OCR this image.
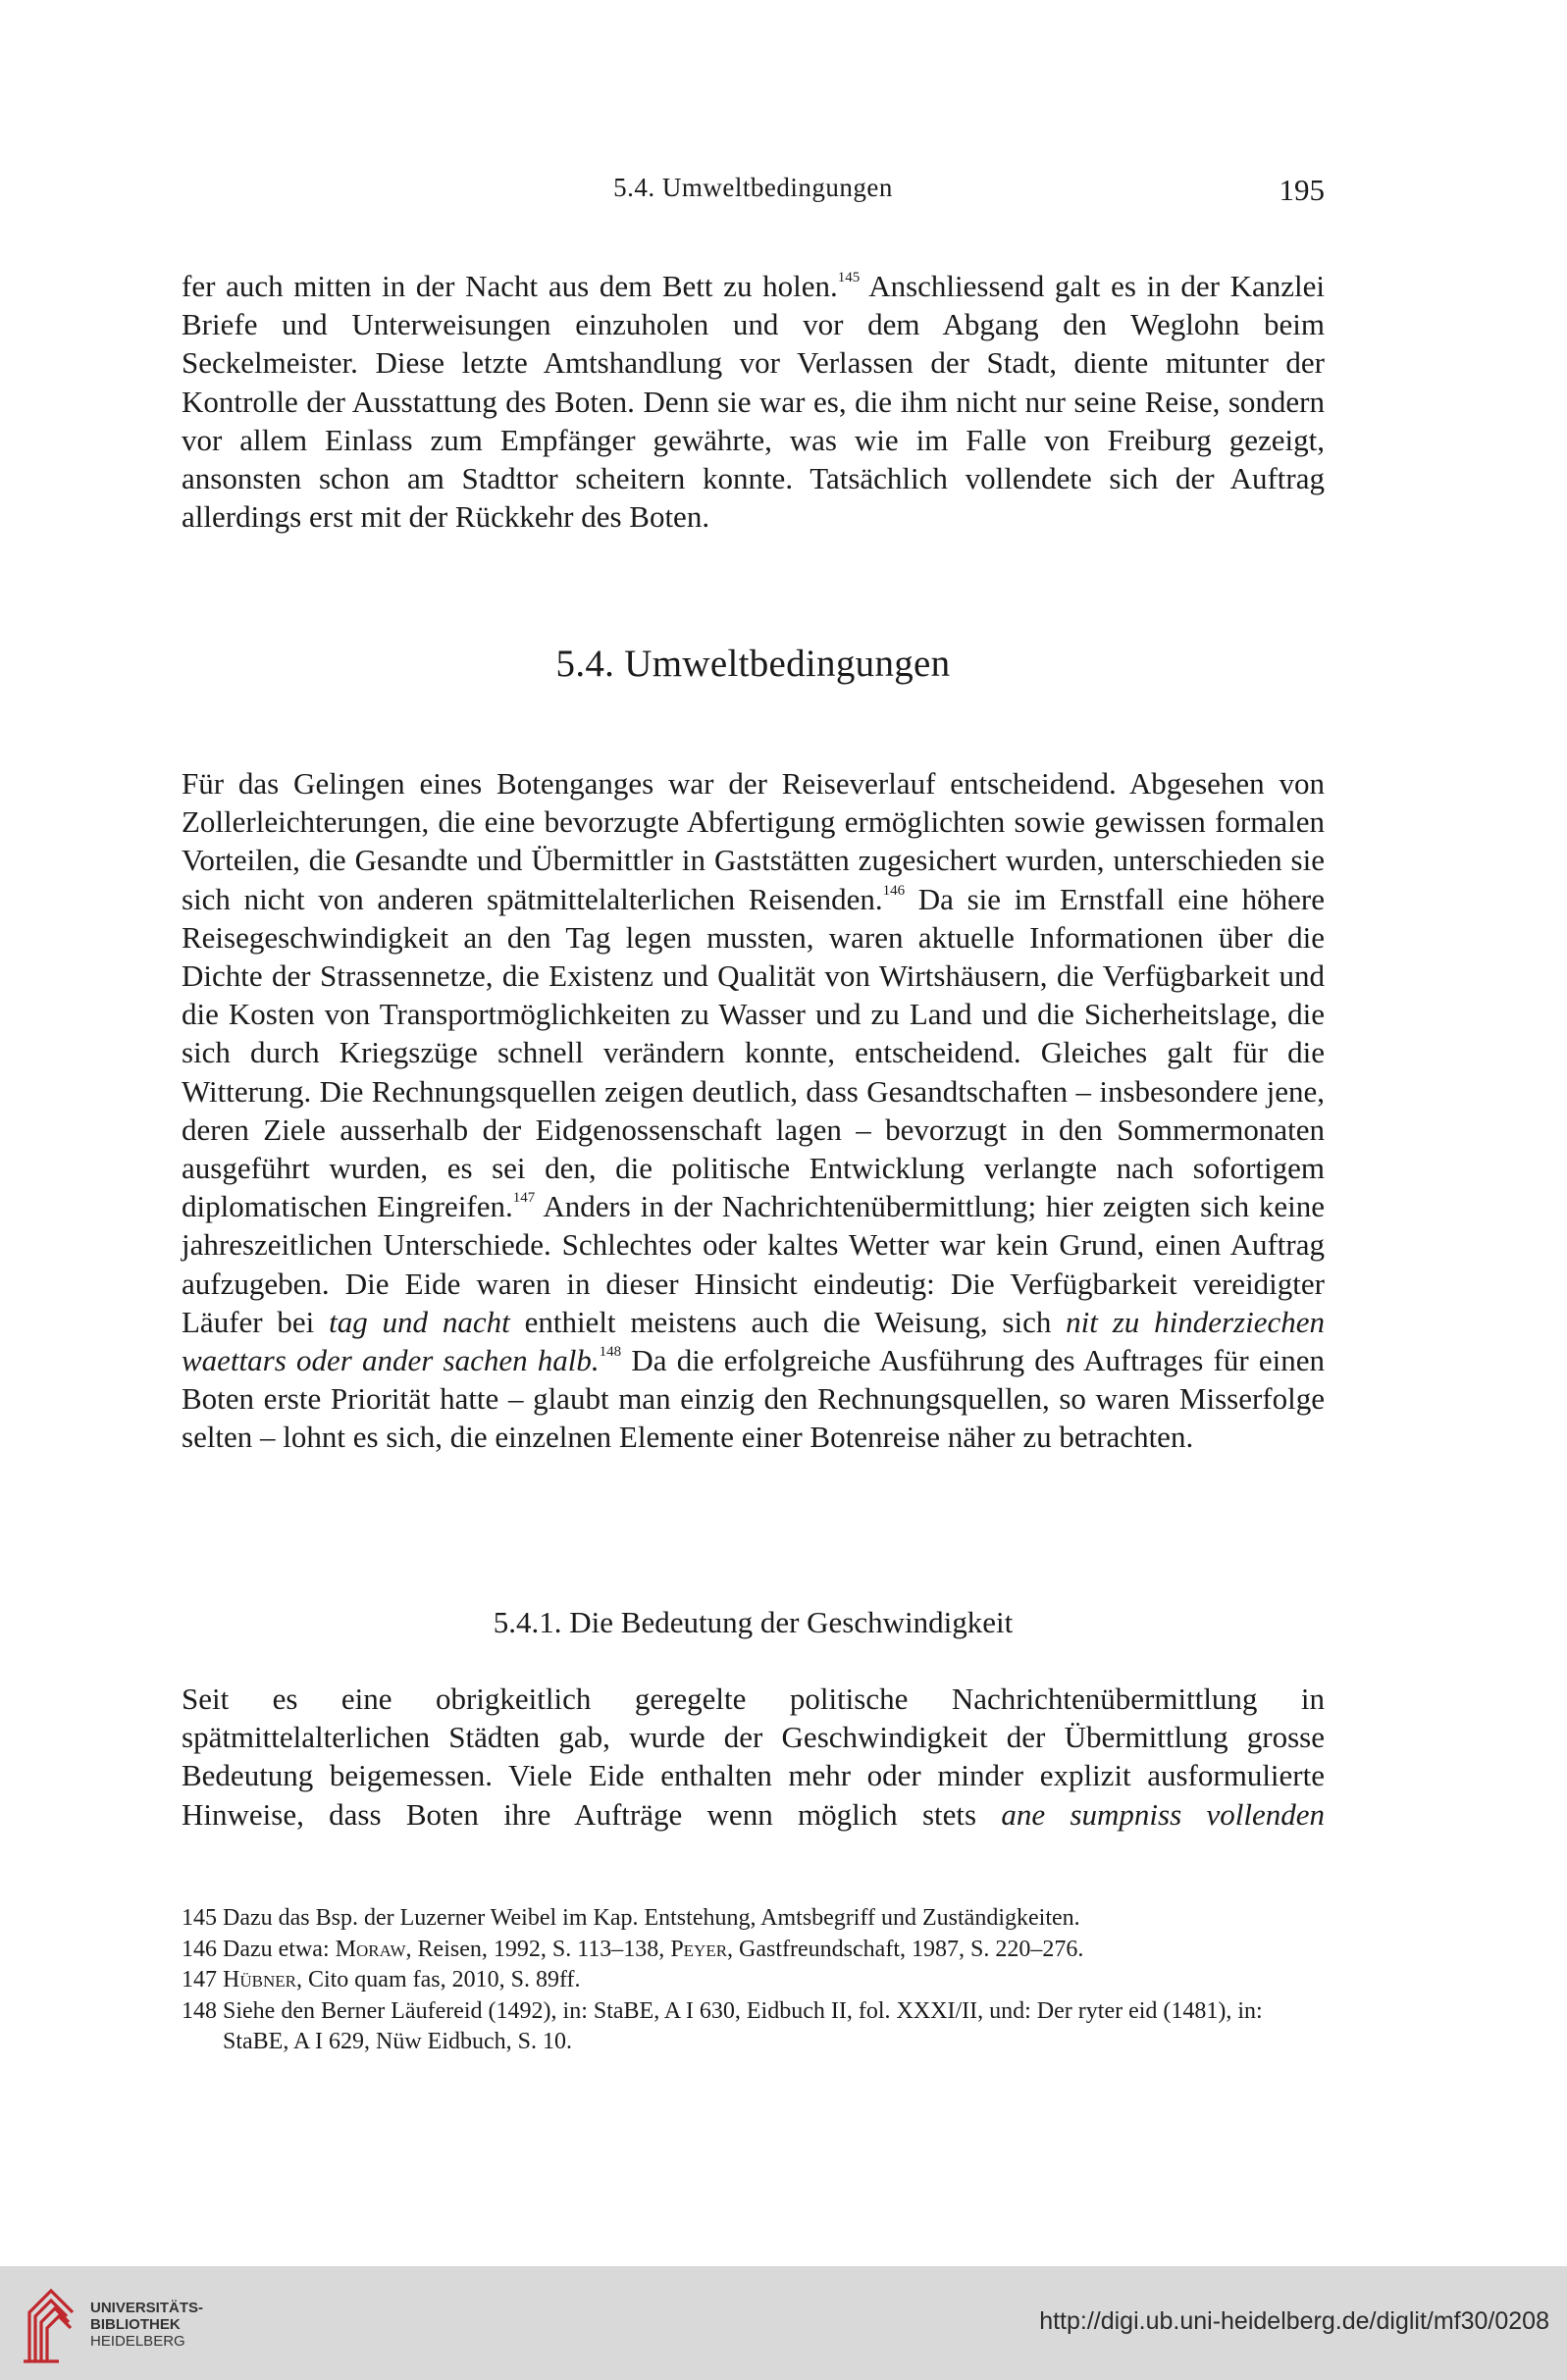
5.4. Umweltbedingungen	195

fer auch mitten in der Nacht aus dem Bett zu holen.$^{145}$ Anschliessend galt es in der Kanzlei Briefe und Unterweisungen einzuholen und vor dem Abgang den Weglohn beim Seckelmeister. Diese letzte Amtshandlung vor Verlassen der Stadt, diente mitunter der Kontrolle der Ausstattung des Boten. Denn sie war es, die ihm nicht nur seine Reise, sondern vor allem Einlass zum Empfänger gewährte, was wie im Falle von Freiburg gezeigt, ansonsten schon am Stadttor scheitern konnte. Tatsächlich vollendete sich der Auftrag allerdings erst mit der Rückkehr des Boten.

5.4. Umweltbedingungen

Für das Gelingen eines Botenganges war der Reiseverlauf entscheidend. Abgesehen von Zollerleichterungen, die eine bevorzugte Abfertigung ermöglichten sowie gewissen formalen Vorteilen, die Gesandte und Übermittler in Gaststätten zugesichert wurden, unterschieden sie sich nicht von anderen spätmittelalterlichen Reisenden.$^{146}$ Da sie im Ernstfall eine höhere Reisegeschwindigkeit an den Tag legen mussten, waren aktuelle Informationen über die Dichte der Strassennetze, die Existenz und Qualität von Wirtshäusern, die Verfügbarkeit und die Kosten von Transportmöglichkeiten zu Wasser und zu Land und die Sicherheitslage, die sich durch Kriegszüge schnell verändern konnte, entscheidend. Gleiches galt für die Witterung. Die Rechnungsquellen zeigen deutlich, dass Gesandtschaften – insbesondere jene, deren Ziele ausserhalb der Eidgenossenschaft lagen – bevorzugt in den Sommermonaten ausgeführt wurden, es sei den, die politische Entwicklung verlangte nach sofortigem diplomatischen Eingreifen.$^{147}$ Anders in der Nachrichtenübermittlung; hier zeigten sich keine jahreszeitlichen Unterschiede. Schlechtes oder kaltes Wetter war kein Grund, einen Auftrag aufzugeben. Die Eide waren in dieser Hinsicht eindeutig: Die Verfügbarkeit vereidigter Läufer bei tag und nacht enthielt meistens auch die Weisung, sich nit zu hinderziechen waettars oder ander sachen halb.$^{148}$ Da die erfolgreiche Ausführung des Auftrages für einen Boten erste Priorität hatte – glaubt man einzig den Rechnungsquellen, so waren Misserfolge selten – lohnt es sich, die einzelnen Elemente einer Botenreise näher zu betrachten.

5.4.1. Die Bedeutung der Geschwindigkeit

Seit es eine obrigkeitlich geregelte politische Nachrichtenübermittlung in spätmittelalterlichen Städten gab, wurde der Geschwindigkeit der Übermittlung grosse Bedeutung beigemessen. Viele Eide enthalten mehr oder minder explizit ausformulierte Hinweise, dass Boten ihre Aufträge wenn möglich stets ane sumpniss vollenden

145 Dazu das Bsp. der Luzerner Weibel im Kap. Entstehung, Amtsbegriff und Zuständigkeiten.

146 Dazu etwa: Moraw, Reisen, 1992, S. 113–138, Peyer, Gastfreundschaft, 1987, S. 220–276.

147 Hübner, Cito quam fas, 2010, S. 89ff.

148 Siehe den Berner Läufereid (1492), in: StaBE, A I 630, Eidbuch II, fol. XXXI/II, und: Der ryter eid (1481), in: StaBE, A I 629, Nüw Eidbuch, S. 10.

UNIVERSITÄTS-
BIBLIOTHEK
HEIDELBERG
http://digi.ub.uni-heidelberg.de/diglit/mf30/0208
